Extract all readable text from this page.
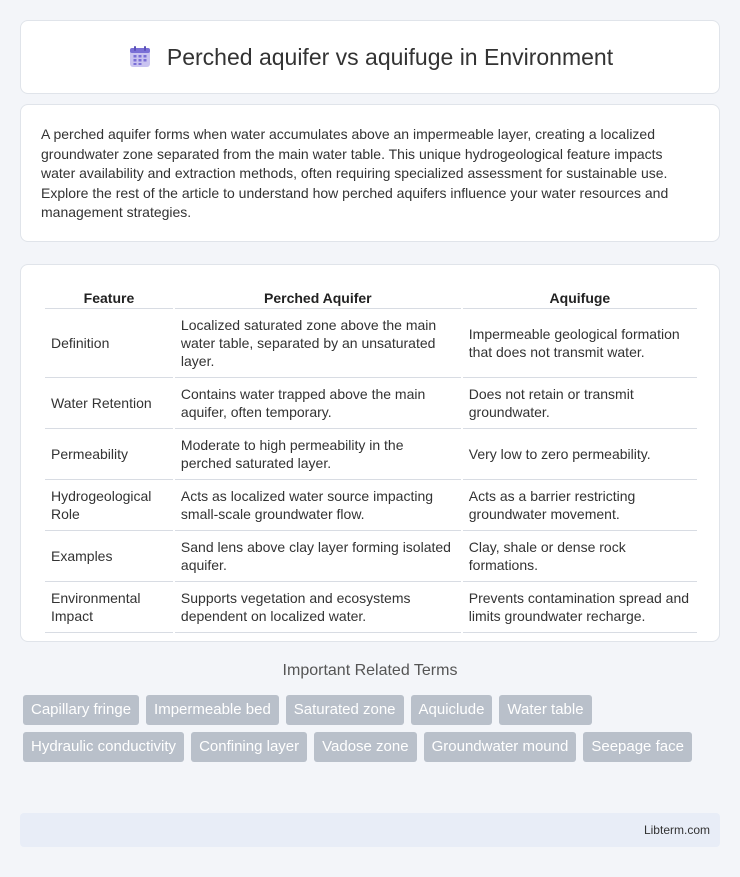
Perched aquifer vs aquifuge in Environment

A perched aquifer forms when water accumulates above an impermeable layer, creating a localized groundwater zone separated from the main water table. This unique hydrogeological feature impacts water availability and extraction methods, often requiring specialized assessment for sustainable use. Explore the rest of the article to understand how perched aquifers influence your water resources and management strategies.

Feature	Perched Aquifer	Aquifuge
Definition	Localized saturated zone above the main water table, separated by an unsaturated layer.	Impermeable geological formation that does not transmit water.
Water Retention	Contains water trapped above the main aquifer, often temporary.	Does not retain or transmit groundwater.
Permeability	Moderate to high permeability in the perched saturated layer.	Very low to zero permeability.
Hydrogeological Role	Acts as localized water source impacting small-scale groundwater flow.	Acts as a barrier restricting groundwater movement.
Examples	Sand lens above clay layer forming isolated aquifer.	Clay, shale or dense rock formations.
Environmental Impact	Supports vegetation and ecosystems dependent on localized water.	Prevents contamination spread and limits groundwater recharge.
Important Related Terms
Capillary fringe	Impermeable bed	Saturated zone	Aquiclude	Water table
Hydraulic conductivity	Confining layer	Vadose zone	Groundwater mound	Seepage face
Libterm.com
